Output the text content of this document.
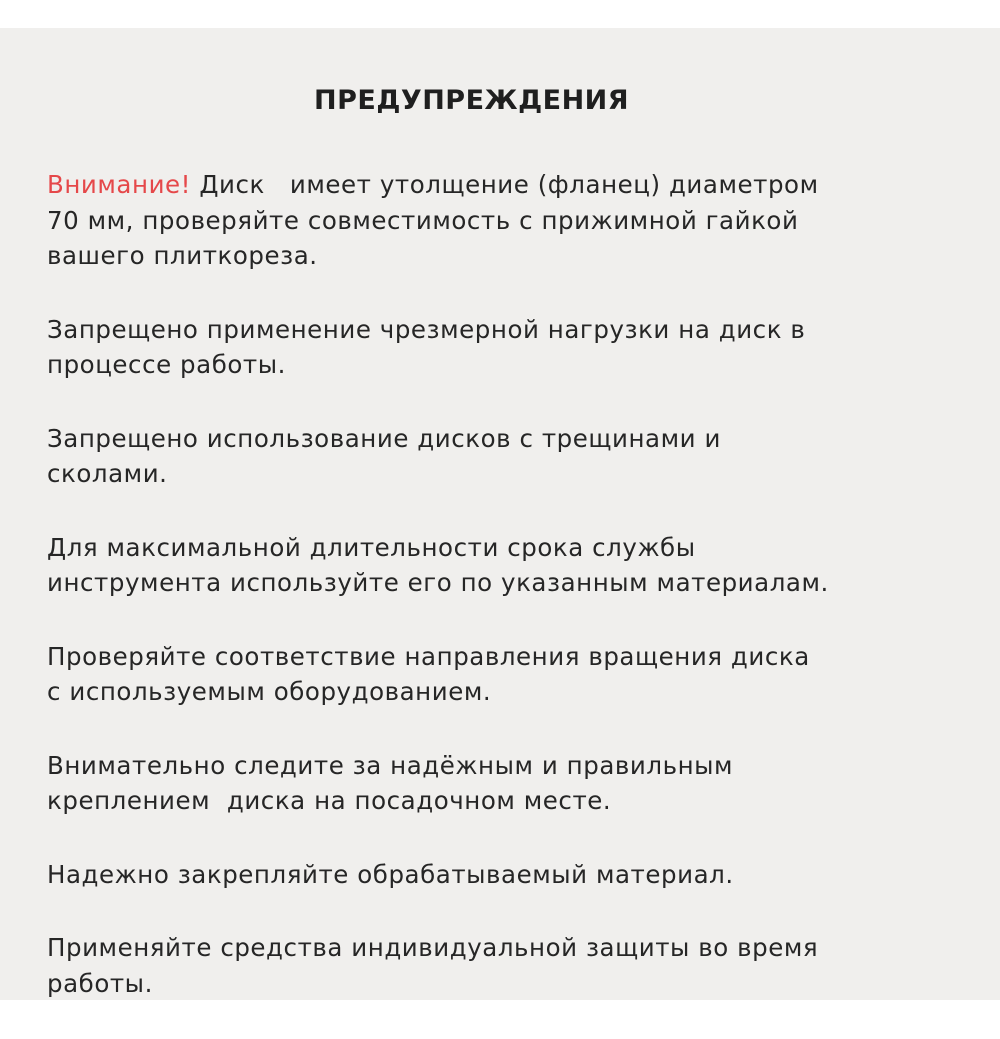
ПРЕДУПРЕЖДЕНИЯ
Внимание! Диск   имеет утолщение (фланец) диаметром
70 мм, проверяйте совместимость с прижимной гайкой
вашего плиткореза.
Запрещено применение чрезмерной нагрузки на диск в
процессе работы.
Запрещено использование дисков с трещинами и
сколами.
Для максимальной длительности срока службы
инструмента используйте его по указанным материалам.
Проверяйте соответствие направления вращения диска
с используемым оборудованием.
Внимательно следите за надёжным и правильным
креплением  диска на посадочном месте.
Надежно закрепляйте обрабатываемый материал.
Применяйте средства индивидуальной защиты во время
работы.
